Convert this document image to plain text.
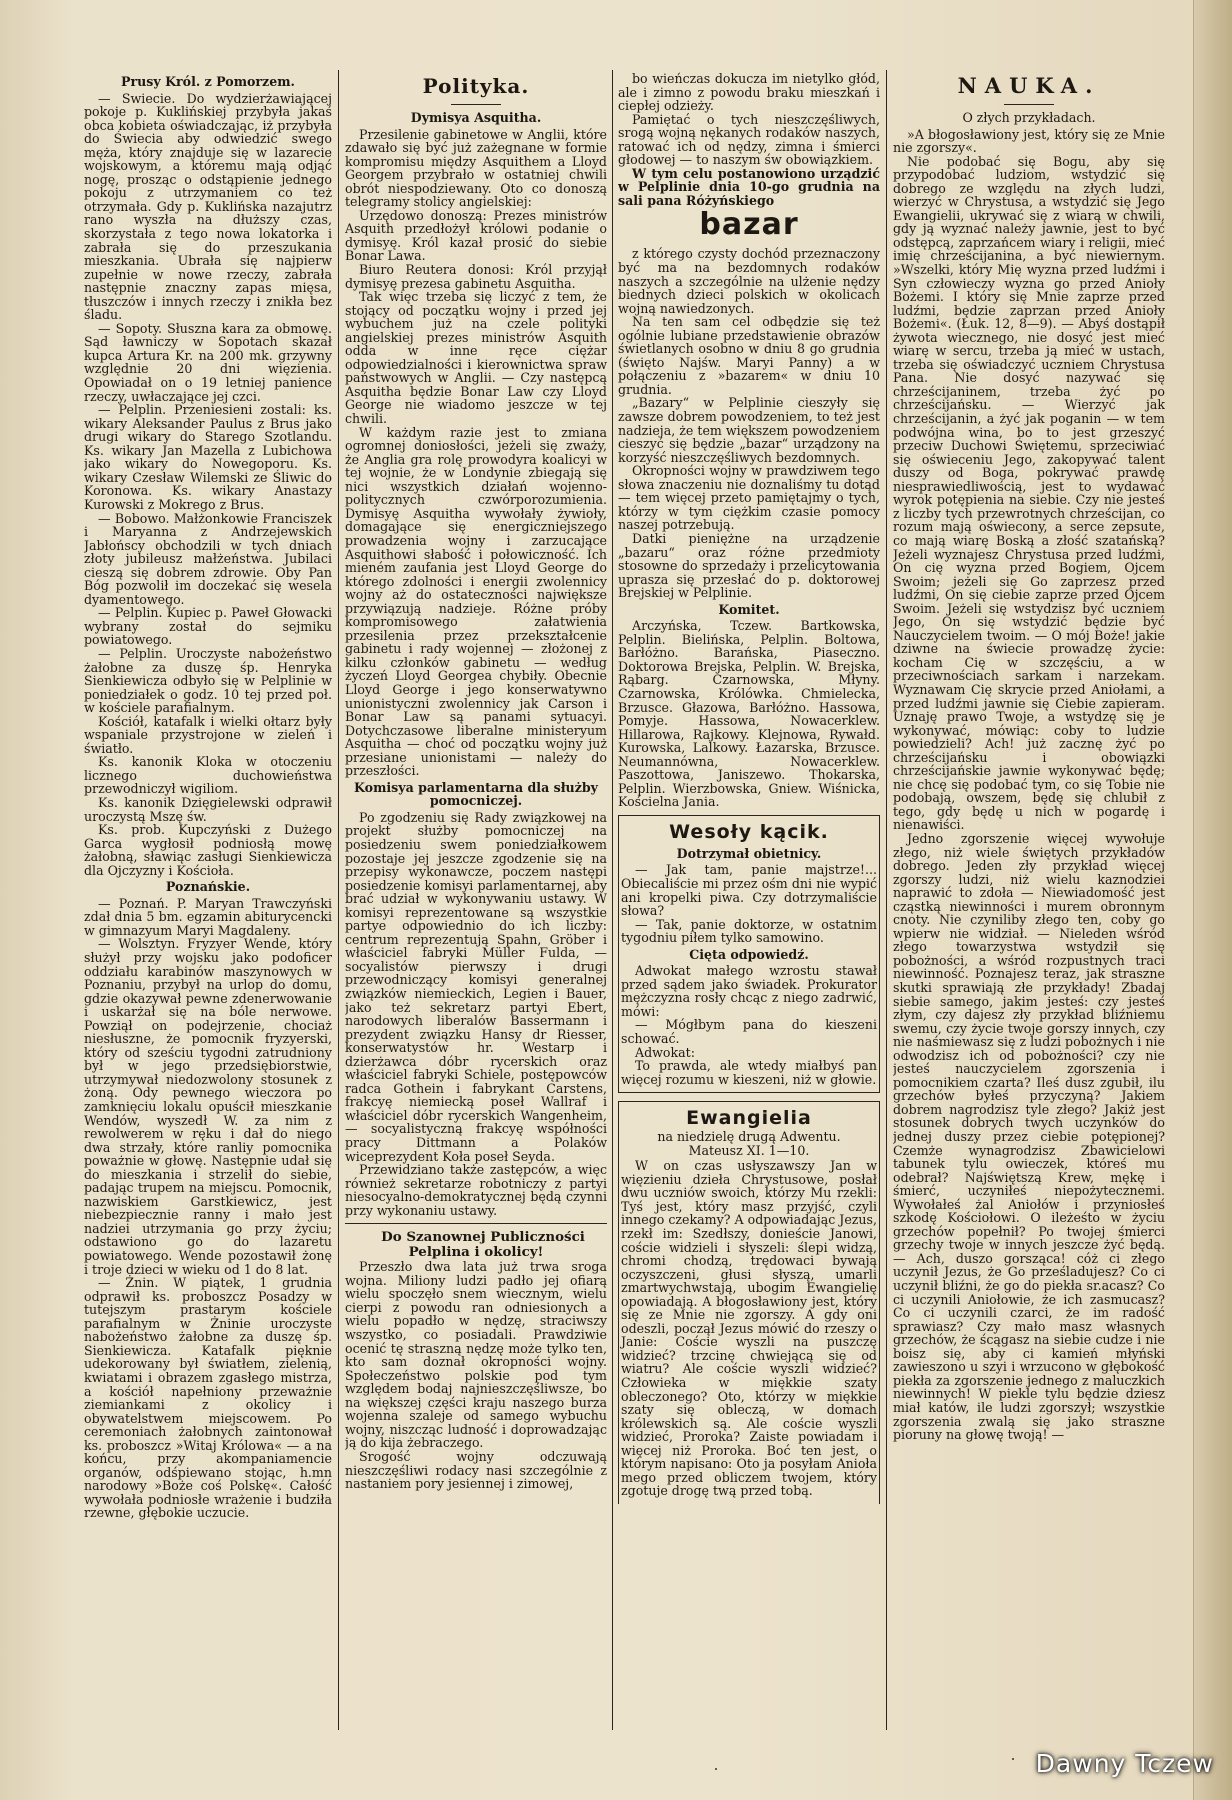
Prusy Król. z Pomorzem.

— Swiecie. Do wydzierżawiającej pokoje p. Kuklińskiej przybyła jakaś obca kobieta oświadczając, iż przybyła do Świecia aby odwiedzić swego męża, który znajduje się w lazarecie wojskowym, a któremu mają odjąć nogę, prosząc o odstąpienie jednego pokoju z utrzymaniem co też otrzymała. Gdy p. Kuklińska nazajutrz rano wyszła na dłuższy czas, skorzystała z tego nowa lokatorka i zabrała się do przeszukania mieszkania. Ubrała się najpierw zupełnie w nowe rzeczy, zabrała następnie znaczny zapas mięsa, tłuszczów i innych rzeczy i znikła bez śladu.

— Sopoty. Słuszna kara za obmowę. Sąd ławniczy w Sopotach skazał kupca Artura Kr. na 200 mk. grzywny względnie 20 dni więzienia. Opowiadał on o 19 letniej panience rzeczy, uwłaczające jej czci.

— Pelplin. Przeniesieni zostali: ks. wikary Aleksander Paulus z Brus jako drugi wikary do Starego Szotlandu. Ks. wikary Jan Mazella z Lubichowa jako wikary do Nowegoporu. Ks. wikary Czesław Wilemski ze Śliwic do Koronowa. Ks. wikary Anastazy Kurowski z Mokrego z Brus.

— Bobowo. Małżonkowie Franciszek i Maryanna z Andrzejewskich Jabłońscy obchodzili w tych dniach złoty jubileusz małżeństwa. Jubilaci cieszą się dobrem zdrowie. Oby Pan Bóg pozwolił im doczekać się wesela dyamentowego.

— Pelplin. Kupiec p. Paweł Głowacki wybrany został do sejmiku powiatowego.

— Pelplin. Uroczyste nabożeństwo żałobne za duszę śp. Henryka Sienkiewicza odbyło się w Pelplinie w poniedziałek o godz. 10 tej przed poł. w kościele parafialnym.

Kościół, katafalk i wielki ołtarz były wspaniale przystrojone w zieleń i światło.

Ks. kanonik Kloka w otoczeniu licznego duchowieństwa przewodniczył wigiliom.

Ks. kanonik Dzięgielewski odprawił uroczystą Mszę św.

Ks. prob. Kupczyński z Dużego Garca wygłosił podniosłą mowę żałobną, sławiąc zasługi Sienkiewicza dla Ojczyzny i Kościoła.

Poznańskie.

— Poznań. P. Maryan Trawczyński zdał dnia 5 bm. egzamin abiturycencki w gimnazyum Maryi Magdaleny.

— Wolsztyn. Fryzyer Wende, który służył przy wojsku jako podoficer oddziału karabinów maszynowych w Poznaniu, przybył na urlop do domu, gdzie okazywał pewne zdenerwowanie i uskarżał się na bóle nerwowe. Powziął on podejrzenie, chociaż niesłuszne, że pomocnik fryzyerski, który od sześciu tygodni zatrudniony był w jego przedsiębiorstwie, utrzymywał niedozwolony stosunek z żoną. Ody pewnego wieczora po zamknięciu lokalu opuścił mieszkanie Wendów, wyszedł W. za nim z rewolwerem w ręku i dał do niego dwa strzały, które ranliy pomocnika poważnie w głowę. Następnie udał się do mieszkania i strzelił do siebie, padając trupem na miejscu. Pomocnik, nazwiskiem Garstkiewicz, jest niebezpiecznie ranny i mało jest nadziei utrzymania go przy życiu; odstawiono go do lazaretu powiatowego. Wende pozostawił żonę i troje dzieci w wieku od 1 do 8 lat.

— Żnin. W piątek, 1 grudnia odprawił ks. proboszcz Posadzy w tutejszym prastarym kościele parafialnym w Żninie uroczyste nabożeństwo żałobne za duszę śp. Sienkiewicza. Katafalk pięknie udekorowany był światłem, zielenią, kwiatami i obrazem zgasłego mistrza, a kościół napełniony przeważnie ziemiankami z okolicy i obywatelstwem miejscowem. Po ceremoniach żałobnych zaintonował ks. proboszcz »Witaj Królowa« — a na końcu, przy akompaniamencie organów, odśpiewano stojąc, h.mn narodowy »Boże coś Polskę«. Całość wywołała podniosłe wrażenie i budziła rzewne, głębokie uczucie.

Polityka.

Dymisya Asquitha.

Przesilenie gabinetowe w Anglii, które zdawało się być już zażegnane w formie kompromisu między Asquithem a Lloyd Georgem przybrało w ostatniej chwili obrót niespodziewany. Oto co donoszą telegramy stolicy angielskiej:

Urzędowo donoszą: Prezes ministrów Asquith przedłożył królowi podanie o dymisyę. Król kazał prosić do siebie Bonar Lawa.

Biuro Reutera donosi: Król przyjął dymisyę prezesa gabinetu Asquitha.

Tak więc trzeba się liczyć z tem, że stojący od początku wojny i przed jej wybuchem już na czele polityki angielskiej prezes ministrów Asquith odda w inne ręce ciężar odpowiedzialności i kierownictwa spraw państwowych w Anglii. — Czy następcą Asquitha będzie Bonar Law czy Lloyd George nie wiadomo jeszcze w tej chwili.

W każdym razie jest to zmiana ogromnej doniosłości, jeżeli się zważy, że Anglia gra rolę prowodyra koalicyi w tej wojnie, że w Londynie zbiegają się nici wszystkich działań wojenno-politycznych czwórporozumienia. Dymisyę Asquitha wywołały żywioły, domagające się energiczniejszego prowadzenia wojny i zarzucające Asquithowi słabość i połowiczność. Ich mieném zaufania jest Lloyd George do którego zdolności i energii zwolennicy wojny aż do ostateczności największe przywiązują nadzieje. Różne próby kompromisowego załatwienia przesilenia przez przekształcenie gabinetu i rady wojennej — złożonej z kilku członków gabinetu — według życzeń Lloyd Georgea chybiły. Obecnie Lloyd George i jego konserwatywno unionistyczni zwolennicy jak Carson i Bonar Law są panami sytuacyi. Dotychczasowe liberalne ministeryum Asquitha — choć od początku wojny już przesiane unionistami — należy do przeszłości.

Komisya parlamentarna dla służby pomocniczej.

Po zgodzeniu się Rady związkowej na projekt służby pomocniczej na posiedzeniu swem poniedziałkowem pozostaje jej jeszcze zgodzenie się na przepisy wykonawcze, poczem następi posiedzenie komisyi parlamentarnej, aby brać udział w wykonywaniu ustawy. W komisyi reprezentowane są wszystkie partye odpowiednio do ich liczby: centrum reprezentują Spahn, Gröber i właściciel fabryki Müller Fulda, — socyalistów pierwszy i drugi przewodniczący komisyi generalnej związków niemieckich, Legien i Bauer, jako też sekretarz partyi Ebert, narodowych liberalów Bassermann i prezydent związku Hansy dr Riesser, konserwatystów hr. Westarp i dzierżawca dóbr rycerskich oraz właściciel fabryki Schiele, postępowców radca Gothein i fabrykant Carstens, frakcyę niemiecką poseł Wallraf i właściciel dóbr rycerskich Wangenheim, — socyalistyczną frakcyę współności pracy Dittmann a Polaków wiceprezydent Koła poseł Seyda.

Przewidziano także zastępców, a więc również sekretarze robotniczy z partyi niesocyalno-demokratycznej będą czynni przy wykonaniu ustawy.

Do Szanownej Publiczności Pelplina i okolicy!

Przeszło dwa lata już trwa sroga wojna. Miliony ludzi padło jej ofiarą wielu spoczęło snem wiecznym, wielu cierpi z powodu ran odniesionych a wielu popadło w nędzę, straciwszy wszystko, co posiadali. Prawdziwie ocenić tę straszną nędzę może tylko ten, kto sam doznał okropności wojny. Społeczeństwo polskie pod tym względem bodaj najnieszczęśliwsze, bo na większej części kraju naszego burza wojenna szaleje od samego wybuchu wojny, niszcząc ludność i doprowadzając ją do kija żebraczego.

Srogość wojny odczuwają nieszczęśliwi rodacy nasi szczególnie z nastaniem pory jesiennej i zimowej,

bo wieńczas dokucza im nietylko głód, ale i zimno z powodu braku mieszkań i ciepłej odzieży.

Pamiętać o tych nieszczęśliwych, srogą wojną nękanych rodaków naszych, ratować ich od nędzy, zimna i śmierci głodowej — to naszym św obowiązkiem.

W tym celu postanowiono urządzić w Pelplinie dnia 10-go grudnia na sali pana Różyńskiego

bazar

z którego czysty dochód przeznaczony być ma na bezdomnych rodaków naszych a szczególnie na ulżenie nędzy biednych dzieci polskich w okolicach wojną nawiedzonych.

Na ten sam cel odbędzie się też ogólnie lubiane przedstawienie obrazów świetlanych osobno w dniu 8 go grudnia (święto Najśw. Maryi Panny) a w połączeniu z »bazarem« w dniu 10 grudnia.

„Bazary“ w Pelplinie cieszyły się zawsze dobrem powodzeniem, to też jest nadzieja, że tem większem powodzeniem cieszyć się będzie „bazar“ urządzony na korzyść nieszczęśliwych bezdomnych.

Okropności wojny w prawdziwem tego słowa znaczeniu nie doznaliśmy tu dotąd — tem więcej przeto pamiętajmy o tych, którzy w tym ciężkim czasie pomocy naszej potrzebują.

Datki pieniężne na urządzenie „bazaru“ oraz różne przedmioty stosowne do sprzedaży i przelicytowania uprasza się przesłać do p. doktorowej Brejskiej w Pelplinie.

Komitet.

Arczyńska, Tczew. Bartkowska, Pelplin. Bielińska, Pelplin. Boltowa, Barłóżno. Barańska, Piaseczno. Doktorowa Brejska, Pelplin. W. Brejska, Rąbarg. Czarnowska, Młyny. Czarnowska, Królówka. Chmielecka, Brzusce. Głazowa, Barłóżno. Hassowa, Pomyje. Hassowa, Nowacerklew. Hillarowa, Rajkowy. Klejnowa, Rywałd. Kurowska, Lalkowy. Łazarska, Brzusce. Neumannówna, Nowacerklew. Paszottowa, Janiszewo. Thokarska, Pelplin. Wierzbowska, Gniew. Wiśnicka, Kościelna Jania.

Wesoły kącik.

Dotrzymał obietnicy.

— Jak tam, panie majstrze!... Obiecaliście mi przez ośm dni nie wypić ani kropelki piwa. Czy dotrzymaliście słowa?

— Tak, panie doktorze, w ostatnim tygodniu piłem tylko samowino.

Cięta odpowiedź.

Adwokat małego wzrostu stawał przed sądem jako świadek. Prokurator mężczyzna rosły chcąc z niego zadrwić, mówi:

— Mógłbym pana do kieszeni schować.

Adwokat:

To prawda, ale wtedy miałbyś pan więcej rozumu w kieszeni, niż w głowie.

Ewangielia

na niedzielę drugą Adwentu.

Mateusz XI. 1—10.

W on czas usłyszawszy Jan w więzieniu dzieła Chrystusowe, posłał dwu uczniów swoich, którzy Mu rzekli: Tyś jest, który masz przyjść, czyli innego czekamy? A odpowiadając Jezus, rzekł im: Szedłszy, donieście Janowi, coście widzieli i słyszeli: ślepi widzą, chromi chodzą, trędowaci bywają oczyszczeni, głusi słyszą, umarli zmartwychwstają, ubogim Ewangielię opowiadają. A błogosławiony jest, który się ze Mnie nie zgorszy. A gdy oni odeszli, począł Jezus mówić do rzeszy o Janie: Coście wyszli na puszczę widzieć? trzcinę chwiejącą się od wiatru? Ale coście wyszli widzieć? Człowieka w miękkie szaty obleczonego? Oto, którzy w miękkie szaty się obleczą, w domach królewskich są. Ale coście wyszli widzieć, Proroka? Zaiste powiadam i więcej niż Proroka. Boć ten jest, o którym napisano: Oto ja posyłam Anioła mego przed obliczem twojem, który zgotuje drogę twą przed tobą.

NAUKA.

O złych przykładach.

»A błogosławiony jest, który się ze Mnie nie zgorszy«.

Nie podobać się Bogu, aby się przypodobać ludziom, wstydzić się dobrego ze względu na złych ludzi, wierzyć w Chrystusa, a wstydzić się Jego Ewangielii, ukrywać się z wiarą w chwili, gdy ją wyznać należy jawnie, jest to być odstępcą, zaprzańcem wiary i religii, mieć imię chrześcijanina, a być niewiernym. »Wszelki, który Mię wyzna przed ludźmi i Syn człowieczy wyzna go przed Anioły Bożemi. I który się Mnie zaprze przed ludźmi, będzie zaprzan przed Anioły Bożemi«. (Łuk. 12, 8—9). — Abyś dostąpił żywota wiecznego, nie dosyć jest mieć wiarę w sercu, trzeba ją mieć w ustach, trzeba się oświadczyć uczniem Chrystusa Pana. Nie dosyć nazywać się chrześcijaninem, trzeba żyć po chrześcijańsku. — Wierzyć jak chrześcijanin, a żyć jak poganin — w tem podwójna wina, bo to jest grzeszyć przeciw Duchowi Świętemu, sprzeciwiać się oświeceniu Jego, zakopywać talent duszy od Boga, pokrywać prawdę niesprawiedliwością, jest to wydawać wyrok potępienia na siebie. Czy nie jesteś z liczby tych przewrotnych chrześcijan, co rozum mają oświecony, a serce zepsute, co mają wiarę Boską a złość szatańską? Jeżeli wyznajesz Chrystusa przed ludźmi, On cię wyzna przed Bogiem, Ojcem Swoim; jeżeli się Go zaprzesz przed ludźmi, On się ciebie zaprze przed Ojcem Swoim. Jeżeli się wstydzisz być uczniem Jego, On się wstydzić będzie być Nauczycielem twoim. — O mój Boże! jakie dziwne na świecie prowadzę życie: kocham Cię w szczęściu, a w przeciwnościach sarkam i narzekam. Wyznawam Cię skrycie przed Aniołami, a przed ludźmi jawnie się Ciebie zapieram. Uznaję prawo Twoje, a wstydzę się je wykonywać, mówiąc: coby to ludzie powiedzieli? Ach! już zacznę żyć po chrześcijańsku i obowiązki chrześcijańskie jawnie wykonywać będę; nie chcę się podobać tym, co się Tobie nie podobają, owszem, będę się chlubił z tego, gdy będę u nich w pogardę i nienawiści.

Jedno zgorszenie więcej wywołuje złego, niż wiele świętych przykładów dobrego. Jeden zły przykład więcej zgorszy ludzi, niż wielu kaznodziei naprawić to zdoła — Niewiadomość jest cząstką niewinności i murem obronnym cnoty. Nie czyniliby złego ten, coby go wpierw nie widział. — Nieleden wśród złego towarzystwa wstydził się pobożności, a wśród rozpustnych traci niewinność. Poznajesz teraz, jak straszne skutki sprawiają złe przykłady! Zbadaj siebie samego, jakim jesteś: czy jesteś złym, czy dajesz zły przykład bliźniemu swemu, czy życie twoje gorszy innych, czy nie naśmiewasz się z ludzi pobożnych i nie odwodzisz ich od pobożności? czy nie jesteś nauczycielem zgorszenia i pomocnikiem czarta? Ileś dusz zgubił, ilu grzechów byłeś przyczyną? Jakiem dobrem nagrodzisz tyle złego? Jakiż jest stosunek dobrych twych uczynków do jednej duszy przez ciebie potępionej? Czemże wynagrodzisz Zbawicielowi tabunek tylu owieczek, któreś mu odebrał? Najświętszą Krew, mękę i śmierć, uczyniłeś niepożytecznemi. Wywołałeś żal Aniołów i przyniosłeś szkodę Kościołowi. O ileżeśto w życiu grzechów popełnił? Po twojej śmierci grzechy twoje w innych jeszcze żyć będą. — Ach, duszo gorsząca! cóż ci złego uczynił Jezus, że Go prześladujesz? Co ci uczynił bliźni, że go do piekła sr.acasz? Co ci uczynili Aniołowie, że ich zasmucasz? Co ci uczynili czarci, że im radość sprawiasz? Czy mało masz własnych grzechów, że ścągasz na siebie cudze i nie boisz się, aby ci kamień młyński zawieszono u szyi i wrzucono w głębokość piekła za zgorszenie jednego z maluczkich niewinnych! W piekle tylu będzie dziesz miał katów, ile ludzi zgorszył; wszystkie zgorszenia zwalą się jako straszne pioruny na głowę twoją! —

Dawny Tczew
